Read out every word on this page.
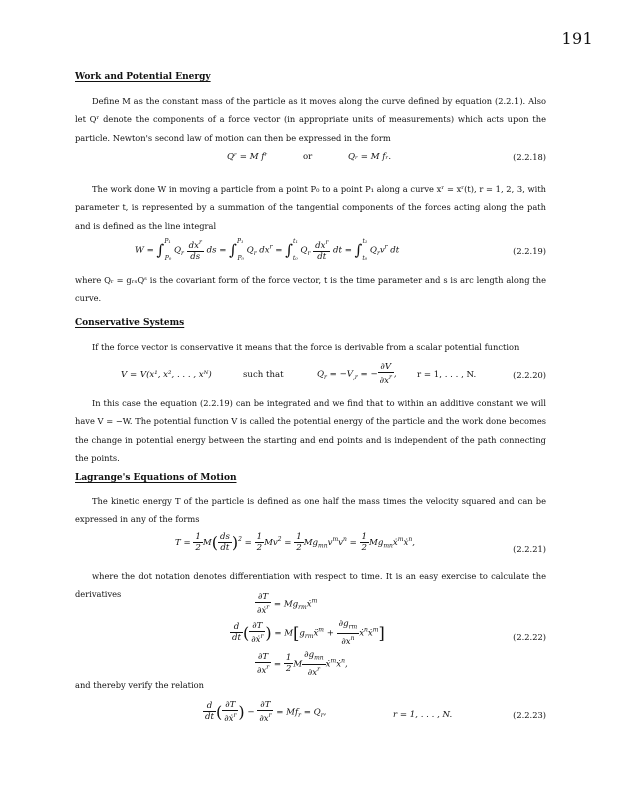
191
Work and Potential Energy
Define M as the constant mass of the particle as it moves along the curve defined by equation (2.2.1). Also let Qʳ denote the components of a force vector (in appropriate units of measurements) which acts upon the particle. Newton's second law of motion can then be expressed in the form
Qʳ = M fʳ	or	Qᵣ = M fᵣ.	(2.2.18)
The work done W in moving a particle from a point P₀ to a point P₁ along a curve xʳ = xʳ(t), r = 1, 2, 3, with parameter t, is represented by a summation of the tangential components of the forces acting along the path and is defined as the line integral
W = ∫$^{P_1}$P₀ $Q_r \frac{dx^r}{ds}$ ds = ∫$^{P_1}$P₀ $Q_r$ $dx^r = \int^{t_1}t_0$ $Q_r \frac{dx^r}{dt}$ dt = ∫$^{t_1}$t₀ $Q_rv^r$ dt	(2.2.19)
where Qᵣ = gᵣₛQˢ is the covariant form of the force vector, t is the time parameter and s is arc length along the curve.
Conservative Systems
If the force vector is conservative it means that the force is derivable from a scalar potential function
V = V(x¹, x², . . . , xᴺ)	such that	$Q_r = -V_{,r}$ = − $\frac{\partial V}{\partial x^r}$ , r = 1, . . . , N.	(2.2.20)
In this case the equation (2.2.19) can be integrated and we find that to within an additive constant we will have V = −W. The potential function V is called the potential energy of the particle and the work done becomes the change in potential energy between the starting and end points and is independent of the path connecting the points.
Lagrange's Equations of Motion
The kinetic energy T of the particle is defined as one half the mass times the velocity squared and can be expressed in any of the forms
$T = \frac{1}{2} M( \frac{ds}{dt} )^2 = \frac{1}{2} Mv^2 = \frac{1}{2} Mg_{mn}v^mv^n = \frac{1}{2}$ $Mg_{mn}ẋ^mẋ^n$,
(2.2.21)
where the dot notation denotes differentiation with respect to time. It is an easy exercise to calculate the derivatives	$\frac{\partial T}{\partial ẋ^r}$ = $Mg_{rm}ẋ^m$
$\frac{d}{dt}$ ( $\frac{\partial T}{\partial ẋ^r}$ ) = $M[g_{rm}ẍ^m + \frac{\partial g_{rm}}{\partial x^n}$ ẋ$^n$ẋ$^m$]
$\frac{\partial T}{\partial x^r} = \frac{1}{2}$ M $\frac{\partial g_{mn}}{\partial x^r}$ ẋ$^m$ẋ$^n$,
(2.2.22)
and thereby verify the relation
$\frac{d}{dt}$ ( $\frac{\partial T}{\partial ẋ^r}$ ) − $\frac{\partial T}{\partial x^r} = Mf_r = Q_r$,	r = 1, . . . , N.	(2.2.23)
